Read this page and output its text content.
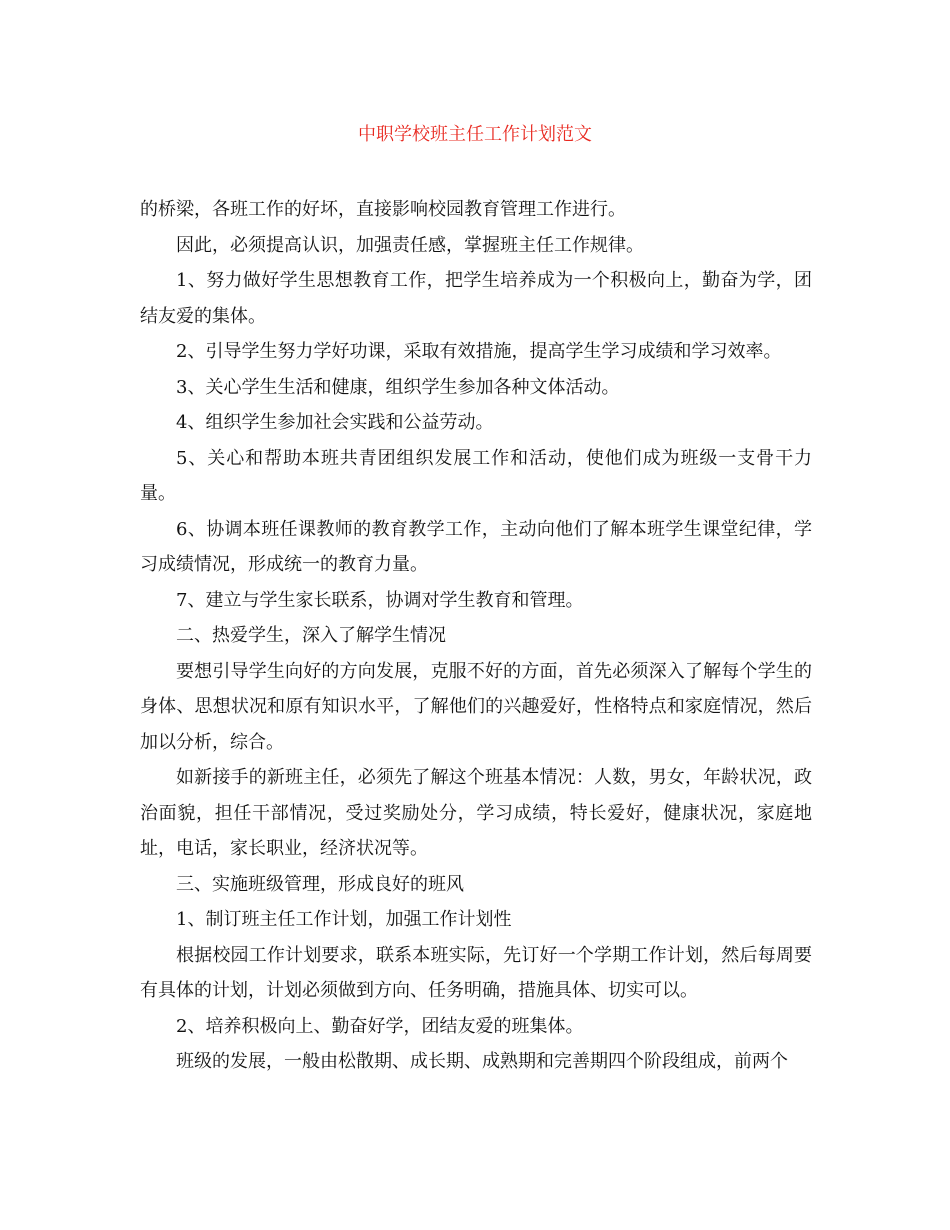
中职学校班主任工作计划范文

的桥梁，各班工作的好坏，直接影响校园教育管理工作进行。

因此，必须提高认识，加强责任感，掌握班主任工作规律。

1、努力做好学生思想教育工作，把学生培养成为一个积极向上，勤奋为学，团结友爱的集体。

2、引导学生努力学好功课，采取有效措施，提高学生学习成绩和学习效率。

3、关心学生生活和健康，组织学生参加各种文体活动。

4、组织学生参加社会实践和公益劳动。

5、关心和帮助本班共青团组织发展工作和活动，使他们成为班级一支骨干力量。

6、协调本班任课教师的教育教学工作，主动向他们了解本班学生课堂纪律，学习成绩情况，形成统一的教育力量。

7、建立与学生家长联系，协调对学生教育和管理。

二、热爱学生，深入了解学生情况

要想引导学生向好的方向发展，克服不好的方面，首先必须深入了解每个学生的身体、思想状况和原有知识水平，了解他们的兴趣爱好，性格特点和家庭情况，然后加以分析，综合。

如新接手的新班主任，必须先了解这个班基本情况：人数，男女，年龄状况，政治面貌，担任干部情况，受过奖励处分，学习成绩，特长爱好，健康状况，家庭地址，电话，家长职业，经济状况等。

三、实施班级管理，形成良好的班风

1、制订班主任工作计划，加强工作计划性

根据校园工作计划要求，联系本班实际，先订好一个学期工作计划，然后每周要有具体的计划，计划必须做到方向、任务明确，措施具体、切实可以。

2、培养积极向上、勤奋好学，团结友爱的班集体。

班级的发展，一般由松散期、成长期、成熟期和完善期四个阶段组成，前两个
